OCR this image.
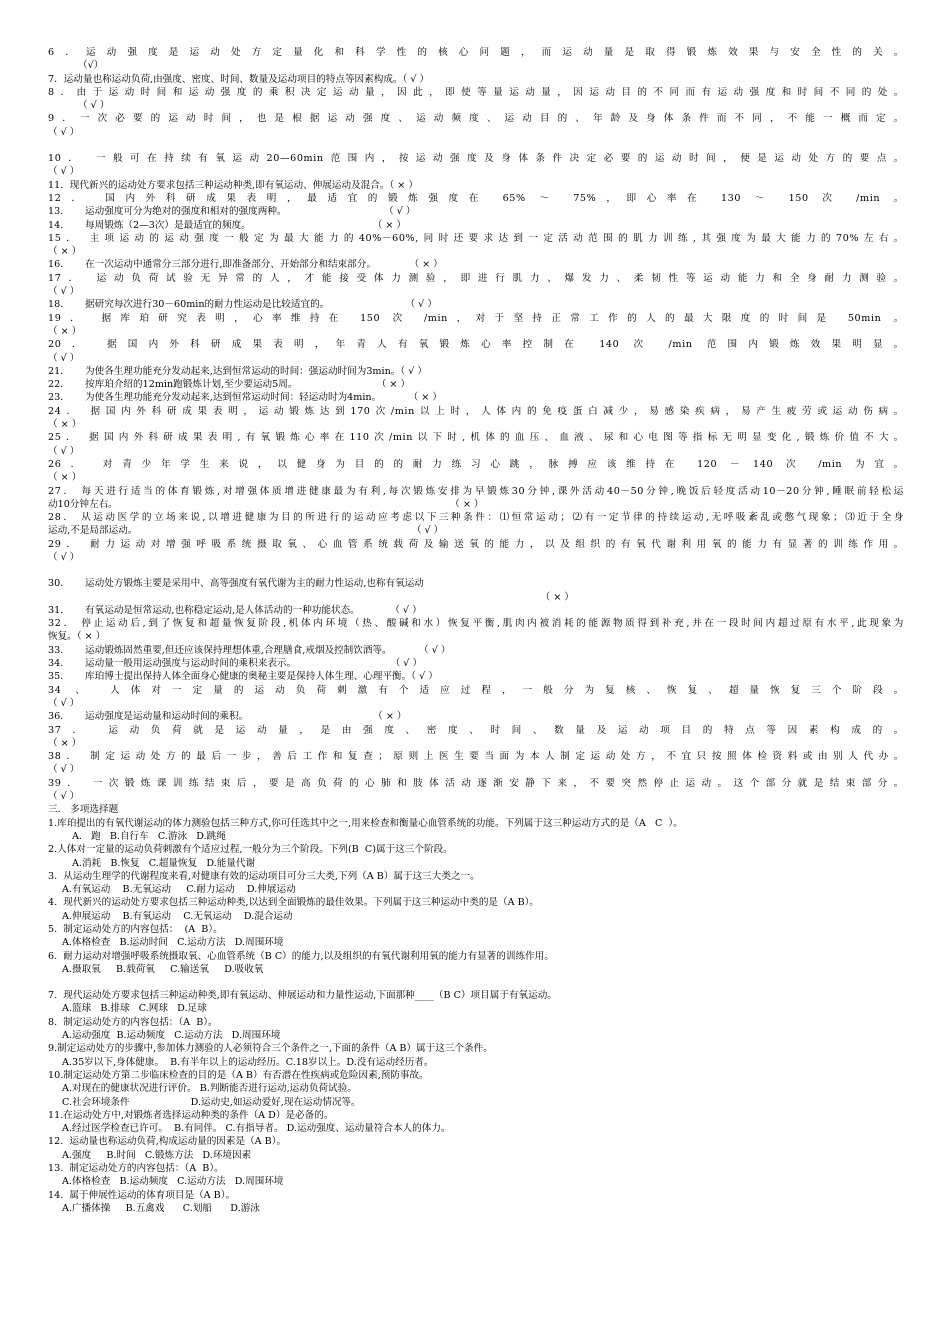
6．运动强度是运动处方定量化和科学性的核心问题，而运动量是取得锻炼效果与安全性的关。
（√）
7．运动量也称运动负荷,由强度、密度、时间、数量及运动项目的特点等因素构成。（ √ ）
8．由于运动时间和运动强度的乘积决定运动量，因此，即使等量运动量，因运动目的不同而有运动强度和时间不同的处。
（ √ ）
9．一次必要的运动时间，也是根据运动强度、运动频度、运动目的、年龄及身体条件而不同，不能一概而定。
（ √ ）
10． 一般可在持续有氧运动20—60min范围内，按运动强度及身体条件决定必要的运动时间，便是运动处方的要点。
（ √ ）
11．现代新兴的运动处方要求包括三种运动种类,即有氧运动、伸展运动及混合。（ × ）
12． 国内外科研成果表明，最适宜的锻炼强度在 65% ～ 75%，即心率在 130 ～ 150 次 /min 。
13．     运动强度可分为绝对的强度和相对的强度两种。                                （ √ ）
14．     每周锻炼（2—3次）是最适宜的频度。                                        （ × ）
15． 主项运动的运动强度一般定为最大能力的40%－60%,同时还要求达到一定活动范围的肌力训练,其强度为最大能力的70%左右。
（ × ）
16．     在一次运动中通常分三部分进行,即准备部分、开始部分和结束部分。           （ × ）
17． 运动负荷试验无异常的人，才能接受体力测验，即进行肌力、爆发力、柔韧性等运动能力和全身耐力测验。
（ √ ）
18．     据研究每次进行30－60min的耐力性运动是比较适宜的。                         （ √ ）
19． 据库珀研究表明，心率维持在 150 次 /min，对于坚持正常工作的人的最大限度的时间是 50min 。
（ × ）
20． 据国内外科研成果表明，年青人有氧锻炼心率控制在 140 次 /min 范围内锻炼效果明显。
（ √ ）
21．     为使各生理功能充分发动起来,达到恒常运动的时间：强运动时间为3min。（ √ ）
22．     按库珀介绍的12min跑锻炼计划,至少要运动5周。                          （ × ）
23．     为使各生理功能充分发动起来,达到恒常运动时间：轻运动时为4min。         （ × ）
24． 据国内外科研成果表明，运动锻炼达到170次/min以上时，人体内的免疫蛋白减少，易感染疾病，易产生疲劳或运动伤病。
（ × ）
25． 据国内外科研成果表明,有氧锻炼心率在110次/min以下时,机体的血压、血液、尿和心电图等指标无明显变化,锻炼价值不大。
（ √ ）
26． 对青少年学生来说，以健身为目的的耐力练习心跳，脉搏应该维持在 120 － 140 次 /min 为宜。
（ × ）
27． 每天进行适当的体育锻炼,对增强体质增进健康最为有利,每次锻炼安排为早锻炼30分钟,课外活动40－50分钟,晚饭后轻度活动10－20分钟,睡眠前轻松运
动10分钟左右。                                                                                                             （ × ）
28． 从运动医学的立场来说,以增进健康为目的所进行的运动应考虑以下三种条件：⑴恒常运动；⑵有一定节律的持续运动,无呼吸紊乱或憋气现象；⑶近于全身
运动,不是局部运动。                                                                                          （ √ ）
29． 耐力运动对增强呼吸系统摄取氧、心血管系统载荷及输送氧的能力，以及组织的有氧代谢利用氧的能力有显著的训练作用。
（ √ ）
30．     运动处方锻炼主要是采用中、高等强度有氧代谢为主的耐力性运动,也称有氧运动
（ × ）
31．     有氧运动是恒常运动,也称稳定运动,是人体活动的一种功能状态。          （ √ ）
32． 停止运动后,到了恢复和超量恢复阶段,机体内环境（热、酸碱和水）恢复平衡,肌肉内被消耗的能源物质得到补充,并在一段时间内超过原有水平,此现象为
恢复。（ × ）
33．     运动锻炼固然重要,但还应该保持理想体重,合理膳食,戒烟及控制饮酒等。         （ √ ）
34．     运动量一般用运动强度与运动时间的乘积来表示。                               （ √ ）
35．     库珀博士提出保持人体全面身心健康的奥秘主要是保持人体生理、心理平衡。（ √ ）
34 、 人体对一定量的运动负荷刺激有个适应过程，一般分为复核、恢复、超量恢复三个阶段。
（ √ ）
36．     运动强度是运动量和运动时间的乘积。                                         （ × ）
37． 运动负荷就是运动量，是由强度、密度、时间、数量及运动项目的特点等因素构成的。
（ × ）
38． 制定运动处方的最后一步，善后工作和复查；原则上医生要当面为本人制定运动处方，不宜只按照体检资料或由别人代办。
（ √ ）
39． 一次锻炼课训练结束后，要是高负荷的心肺和肢体活动逐渐安静下来，不要突然停止运动。这个部分就是结束部分。
（ √ ）
三． 多项选择题
1.库珀提出的有氧代谢运动的体力测验包括三种方式,你可任选其中之一,用来检查和衡量心血管系统的功能。下列属于这三种运动方式的是（A   C  ）。
A.   跑   B.自行车   C.游泳   D.跳绳
2.人体对一定量的运动负荷刺激有个适应过程,一般分为三个阶段。下列(B  C)属于这三个阶段。
A.消耗   B.恢复   C.超量恢复   D.能量代谢
3.  从运动生理学的代谢程度来看,对健康有效的运动项目可分三大类,下列（A B）属于这三大类之一。
A.有氧运动    B.无氧运动     C.耐力运动    D.伸展运动
4.  现代新兴的运动处方要求包括三种运动种类,以达到全面锻炼的最佳效果。下列属于这三种运动中类的是（A B）。
A.伸展运动    B.有氧运动    C.无氧运动    D.混合运动
5.  制定运动处方的内容包括：  (A  B）。
A.体格检查   B.运动时间   C.运动方法   D.周围环境
6.  耐力运动对增强呼吸系统摄取氧、心血管系统（B C）的能力,以及组织的有氧代谢利用氧的能力有显著的训练作用。
A.摄取氧     B.载荷氧     C.输送氧     D.吸收氧
7.  现代运动处方要求包括三种运动种类,即有氧运动、伸展运动和力量性运动,下面那种____（B C）项目属于有氧运动。
A.篮球   B.排球   C.网球   D.足球
8.  制定运动处方的内容包括：（A  B）。
A.运动强度  B.运动频度   C.运动方法   D.周围环境
9.制定运动处方的步骤中,参加体力测验的人必须符合三个条件之一,下面的条件（A B）属于这三个条件。
A.35岁以下,身体健康。  B.有半年以上的运动经历。C.18岁以上。D.没有运动经历者。
10.制定运动处方第二步临床检查的目的是（A B）有否潜在性疾病或危险因素,预防事故。
A.对现在的健康状况进行评价。 B.判断能否进行运动,运动负荷试验。
C.社会环境条件                    D.运动史,如运动爱好,现在运动情况等。
11.在运动处方中,对锻炼者选择运动种类的条件（A D）是必备的。
A.经过医学检查已许可。  B.有同伴。 C.有指导者。 D.运动强度、运动量符合本人的体力。
12.  运动量也称运动负荷,构成运动量的因素是（A B）。
A.强度     B.时间   C.锻炼方法   D.环境因素
13.  制定运动处方的内容包括：（A  B）。
A.体格检查   B.运动频度   C.运动方法   D.周围环境
14.  属于伸展性运动的体育项目是（A B）。
A.广播体操     B.五禽戏      C.划船      D.游泳
